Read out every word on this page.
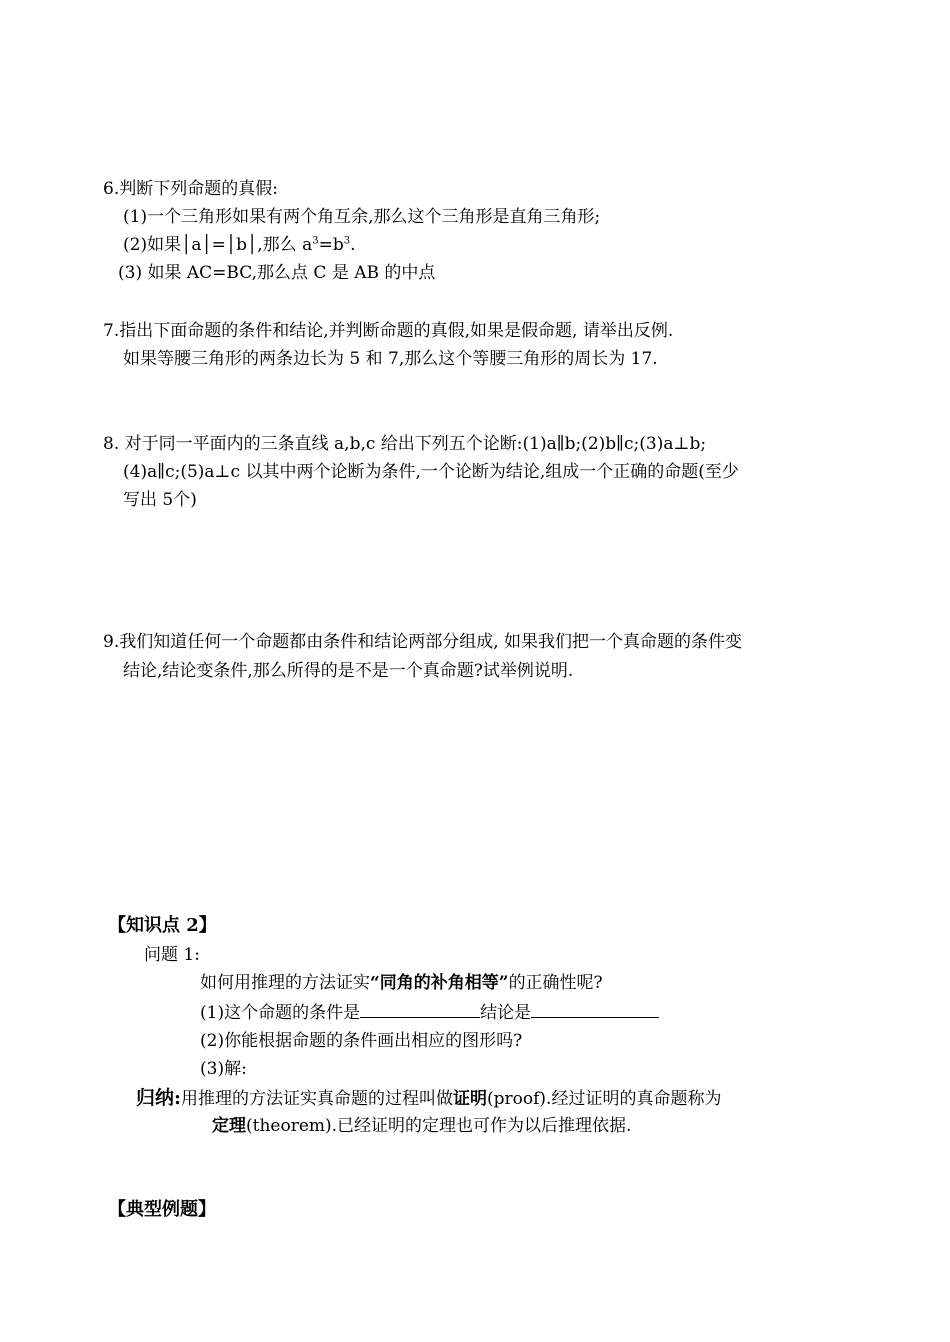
6.判断下列命题的真假:
(1)一个三角形如果有两个角互余,那么这个三角形是直角三角形;
(2)如果│a│=│b│,那么 $a^3=b^3$.
(3) 如果 AC=BC,那么点 C 是 AB 的中点
7.指出下面命题的条件和结论,并判断命题的真假,如果是假命题, 请举出反例.
如果等腰三角形的两条边长为 5 和 7,那么这个等腰三角形的周长为 17.
8. 对于同一平面内的三条直线 a,b,c 给出下列五个论断:(1)a∥b;(2)b∥c;(3)a⊥b;
(4)a∥c;(5)a⊥c 以其中两个论断为条件,一个论断为结论,组成一个正确的命题(至少
写出 5个)
9.我们知道任何一个命题都由条件和结论两部分组成, 如果我们把一个真命题的条件变
结论,结论变条件,那么所得的是不是一个真命题?试举例说明.
【知识点 2】
问题 1:
如何用推理的方法证实“同角的补角相等”的正确性呢?
(1)这个命题的条件是	结论是
(2)你能根据命题的条件画出相应的图形吗?
(3)解:
归纳:用推理的方法证实真命题的过程叫做证明(proof).经过证明的真命题称为
定理(theorem).已经证明的定理也可作为以后推理依据.
【典型例题】
